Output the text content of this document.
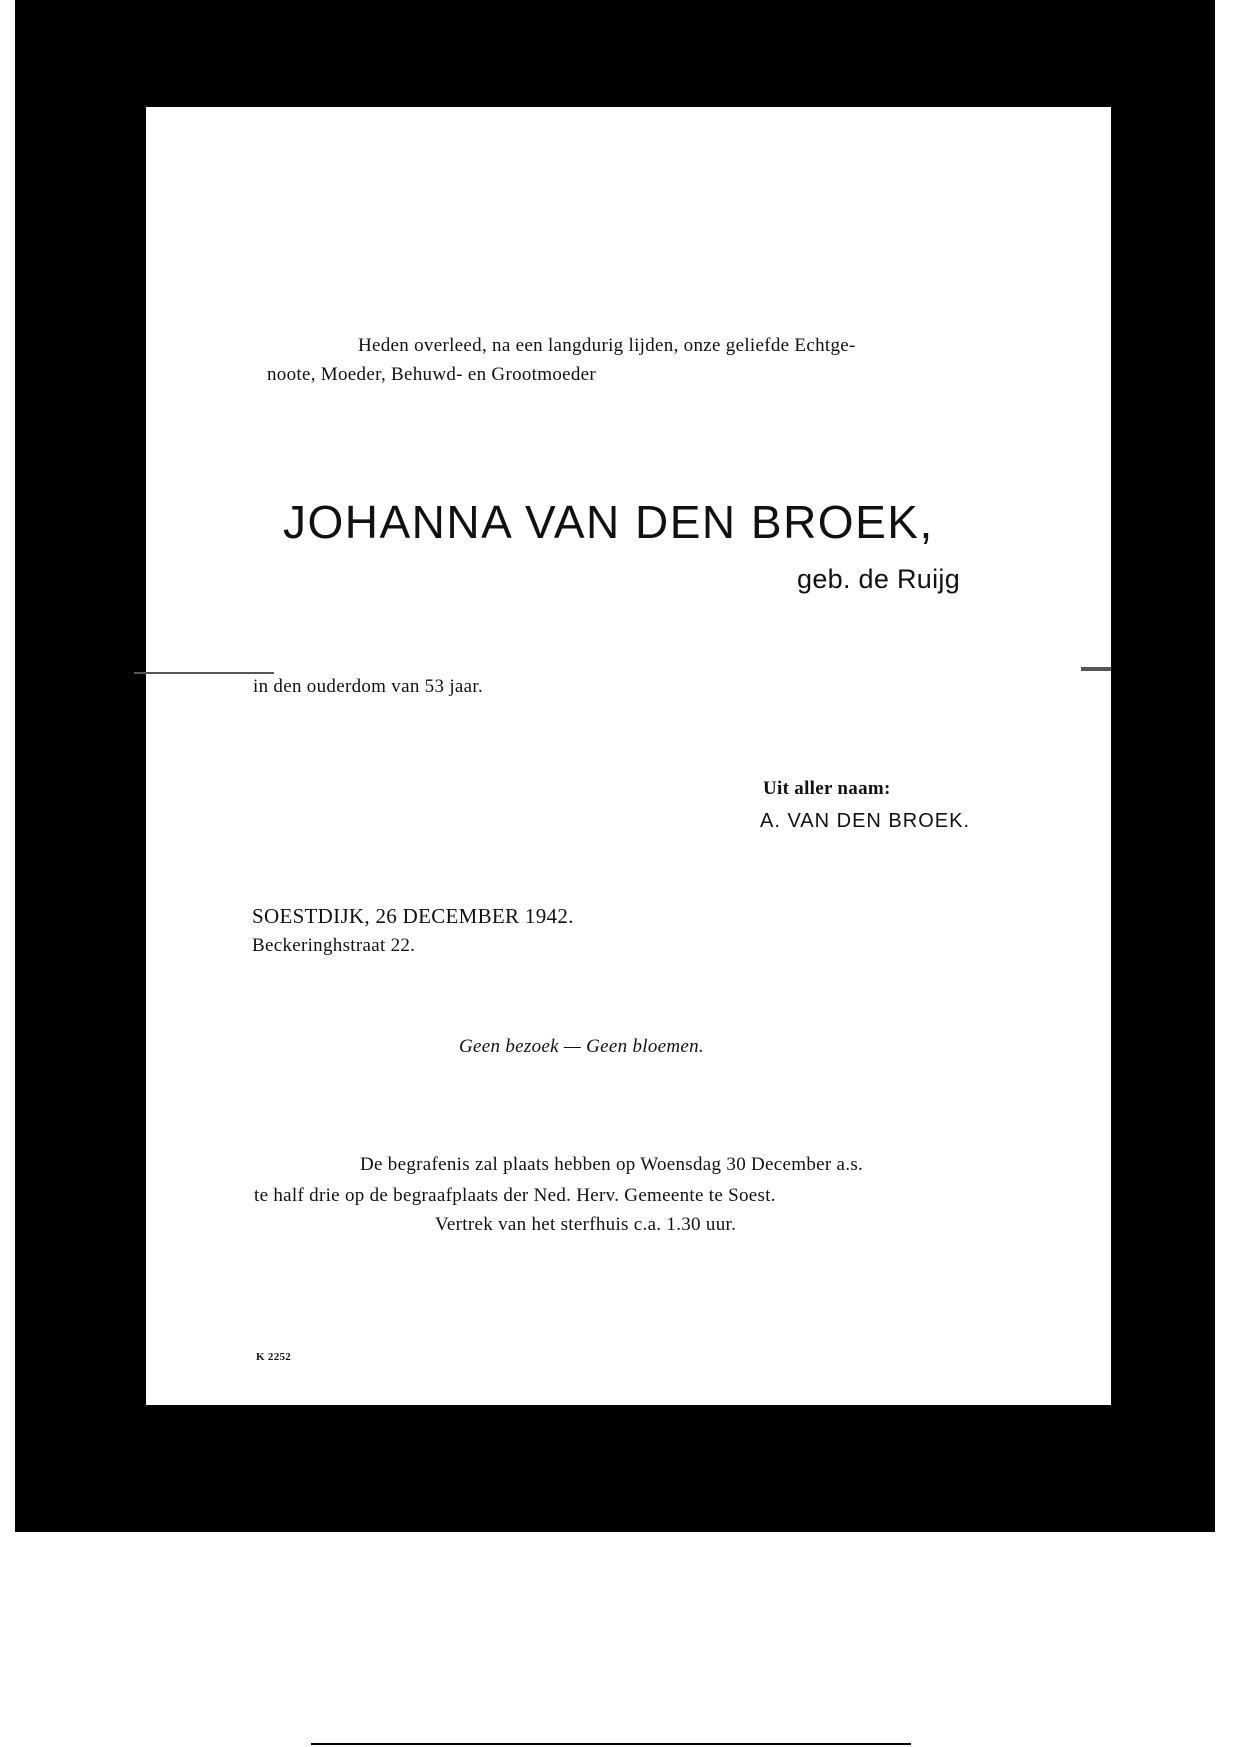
Heden overleed, na een langdurig lijden, onze geliefde Echtge-
noote, Moeder, Behuwd- en Grootmoeder
JOHANNA VAN DEN BROEK,
geb. de Ruijg
in den ouderdom van 53 jaar.
Uit aller naam:
A. VAN DEN BROEK.
SOESTDIJK, 26 DECEMBER 1942.
Beckeringhstraat 22.
Geen bezoek — Geen bloemen.
De begrafenis zal plaats hebben op Woensdag 30 December a.s.
te half drie op de begraafplaats der Ned. Herv. Gemeente te Soest.
Vertrek van het sterfhuis c.a. 1.30 uur.
K 2252
